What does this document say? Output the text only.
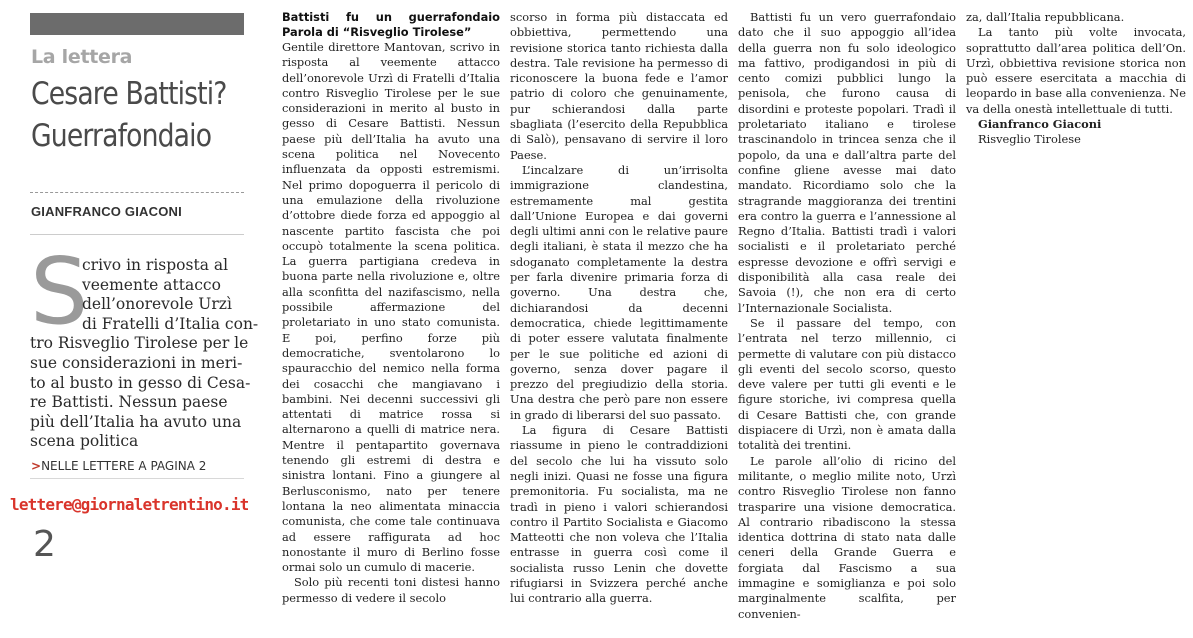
La lettera
Cesare Battisti?
Guerrafondaio
GIANFRANCO GIACONI
S
crivo in risposta al
veemente attacco
dell’onorevole Urzì
di Fratelli d’Italia con-
tro Risveglio Tirolese per le
sue considerazioni in meri-
to al busto in gesso di Cesa-
re Battisti. Nessun paese
più dell’Italia ha avuto una
scena politica
>NELLE LETTERE A PAGINA 2
lettere@giornaletrentino.it
2
Battisti fu un guerrafondaio Parola di “Risveglio Tirolese”

Gentile direttore Mantovan, scrivo in risposta al veemente attacco dell’onorevole Urzì di Fratelli d’Italia contro Risveglio Tirolese per le sue considerazioni in merito al busto in gesso di Cesare Battisti. Nessun paese più dell’Italia ha avuto una scena politica nel Novecento influenzata da opposti estremismi. Nel primo dopoguerra il pericolo di una emulazione della rivoluzione d’ottobre diede forza ed appoggio al nascente partito fascista che poi occupò totalmente la scena politica. La guerra partigiana credeva in buona parte nella rivoluzione e, oltre alla sconfitta del nazifascismo, nella possibile affermazione del proletariato in uno stato comunista. E poi, perfino forze più democratiche, sventolarono lo spauracchio del nemico nella forma dei cosacchi che mangiavano i bambini. Nei decenni successivi gli attentati di matrice rossa si alternarono a quelli di matrice nera. Mentre il pentapartito governava tenendo gli estremi di destra e sinistra lontani. Fino a giungere al Berlusconismo, nato per tenere lontana la neo alimentata minaccia comunista, che come tale continuava ad essere raffigurata ad hoc nonostante il muro di Berlino fosse ormai solo un cumulo di macerie.

Solo più recenti toni distesi hanno permesso di vedere il secolo

scorso in forma più distaccata ed obbiettiva, permettendo una revisione storica tanto richiesta dalla destra. Tale revisione ha permesso di riconoscere la buona fede e l’amor patrio di coloro che genuinamente, pur schierandosi dalla parte sbagliata (l’esercito della Repubblica di Salò), pensavano di servire il loro Paese.

L’incalzare di un’irrisolta immigrazione clandestina, estremamente mal gestita dall’Unione Europea e dai governi degli ultimi anni con le relative paure degli italiani, è stata il mezzo che ha sdoganato completamente la destra per farla divenire primaria forza di governo. Una destra che, dichiarandosi da decenni democratica, chiede legittimamente di poter essere valutata finalmente per le sue politiche ed azioni di governo, senza dover pagare il prezzo del pregiudizio della storia. Una destra che però pare non essere in grado di liberarsi del suo passato.

La figura di Cesare Battisti riassume in pieno le contraddizioni del secolo che lui ha vissuto solo negli inizi. Quasi ne fosse una figura premonitoria. Fu socialista, ma ne tradì in pieno i valori schierandosi contro il Partito Socialista e Giacomo Matteotti che non voleva che l’Italia entrasse in guerra così come il socialista russo Lenin che dovette rifugiarsi in Svizzera perché anche lui contrario alla guerra.

Battisti fu un vero guerrafondaio dato che il suo appoggio all’idea della guerra non fu solo ideologico ma fattivo, prodigandosi in più di cento comizi pubblici lungo la penisola, che furono causa di disordini e proteste popolari. Tradì il proletariato italiano e tirolese trascinandolo in trincea senza che il popolo, da una e dall’altra parte del confine gliene avesse mai dato mandato. Ricordiamo solo che la stragrande maggioranza dei trentini era contro la guerra e l’annessione al Regno d’Italia. Battisti tradì i valori socialisti e il proletariato perché espresse devozione e offrì servigi e disponibilità alla casa reale dei Savoia (!), che non era di certo l’Internazionale Socialista.

Se il passare del tempo, con l’entrata nel terzo millennio, ci permette di valutare con più distacco gli eventi del secolo scorso, questo deve valere per tutti gli eventi e le figure storiche, ivi compresa quella di Cesare Battisti che, con grande dispiacere di Urzì, non è amata dalla totalità dei trentini.

Le parole all’olio di ricino del militante, o meglio milite noto, Urzì contro Risveglio Tirolese non fanno trasparire una visione democratica. Al contrario ribadiscono la stessa identica dottrina di stato nata dalle ceneri della Grande Guerra e forgiata dal Fascismo a sua immagine e somiglianza e poi solo marginalmente scalfita, per convenien-

za, dall’Italia repubblicana.

La tanto più volte invocata, soprattutto dall’area politica dell’On. Urzì, obbiettiva revisione storica non può essere esercitata a macchia di leopardo in base alla convenienza. Ne va della onestà intellettuale di tutti.

Gianfranco Giaconi

Risveglio Tirolese
